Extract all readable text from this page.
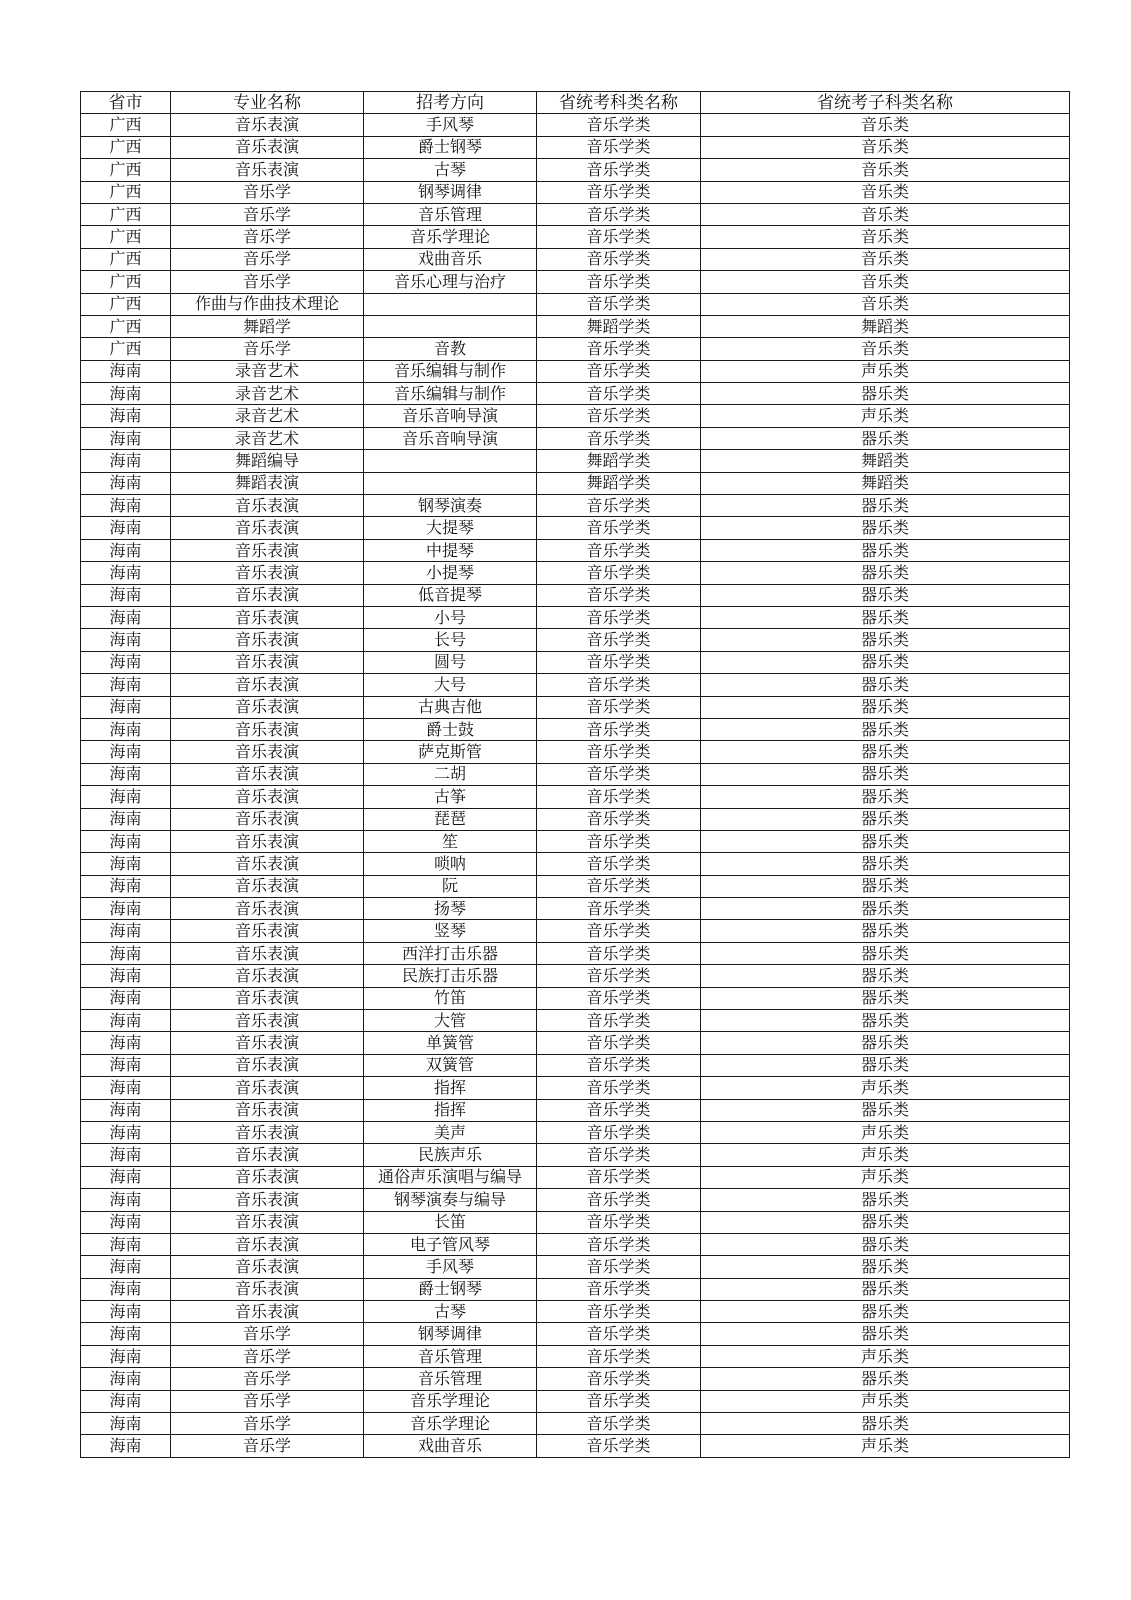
省市	专业名称	招考方向	省统考科类名称	省统考子科类名称
广西	音乐表演	手风琴	音乐学类	音乐类
广西	音乐表演	爵士钢琴	音乐学类	音乐类
广西	音乐表演	古琴	音乐学类	音乐类
广西	音乐学	钢琴调律	音乐学类	音乐类
广西	音乐学	音乐管理	音乐学类	音乐类
广西	音乐学	音乐学理论	音乐学类	音乐类
广西	音乐学	戏曲音乐	音乐学类	音乐类
广西	音乐学	音乐心理与治疗	音乐学类	音乐类
广西	作曲与作曲技术理论		音乐学类	音乐类
广西	舞蹈学		舞蹈学类	舞蹈类
广西	音乐学	音教	音乐学类	音乐类
海南	录音艺术	音乐编辑与制作	音乐学类	声乐类
海南	录音艺术	音乐编辑与制作	音乐学类	器乐类
海南	录音艺术	音乐音响导演	音乐学类	声乐类
海南	录音艺术	音乐音响导演	音乐学类	器乐类
海南	舞蹈编导		舞蹈学类	舞蹈类
海南	舞蹈表演		舞蹈学类	舞蹈类
海南	音乐表演	钢琴演奏	音乐学类	器乐类
海南	音乐表演	大提琴	音乐学类	器乐类
海南	音乐表演	中提琴	音乐学类	器乐类
海南	音乐表演	小提琴	音乐学类	器乐类
海南	音乐表演	低音提琴	音乐学类	器乐类
海南	音乐表演	小号	音乐学类	器乐类
海南	音乐表演	长号	音乐学类	器乐类
海南	音乐表演	圆号	音乐学类	器乐类
海南	音乐表演	大号	音乐学类	器乐类
海南	音乐表演	古典吉他	音乐学类	器乐类
海南	音乐表演	爵士鼓	音乐学类	器乐类
海南	音乐表演	萨克斯管	音乐学类	器乐类
海南	音乐表演	二胡	音乐学类	器乐类
海南	音乐表演	古筝	音乐学类	器乐类
海南	音乐表演	琵琶	音乐学类	器乐类
海南	音乐表演	笙	音乐学类	器乐类
海南	音乐表演	唢呐	音乐学类	器乐类
海南	音乐表演	阮	音乐学类	器乐类
海南	音乐表演	扬琴	音乐学类	器乐类
海南	音乐表演	竖琴	音乐学类	器乐类
海南	音乐表演	西洋打击乐器	音乐学类	器乐类
海南	音乐表演	民族打击乐器	音乐学类	器乐类
海南	音乐表演	竹笛	音乐学类	器乐类
海南	音乐表演	大管	音乐学类	器乐类
海南	音乐表演	单簧管	音乐学类	器乐类
海南	音乐表演	双簧管	音乐学类	器乐类
海南	音乐表演	指挥	音乐学类	声乐类
海南	音乐表演	指挥	音乐学类	器乐类
海南	音乐表演	美声	音乐学类	声乐类
海南	音乐表演	民族声乐	音乐学类	声乐类
海南	音乐表演	通俗声乐演唱与编导	音乐学类	声乐类
海南	音乐表演	钢琴演奏与编导	音乐学类	器乐类
海南	音乐表演	长笛	音乐学类	器乐类
海南	音乐表演	电子管风琴	音乐学类	器乐类
海南	音乐表演	手风琴	音乐学类	器乐类
海南	音乐表演	爵士钢琴	音乐学类	器乐类
海南	音乐表演	古琴	音乐学类	器乐类
海南	音乐学	钢琴调律	音乐学类	器乐类
海南	音乐学	音乐管理	音乐学类	声乐类
海南	音乐学	音乐管理	音乐学类	器乐类
海南	音乐学	音乐学理论	音乐学类	声乐类
海南	音乐学	音乐学理论	音乐学类	器乐类
海南	音乐学	戏曲音乐	音乐学类	声乐类
